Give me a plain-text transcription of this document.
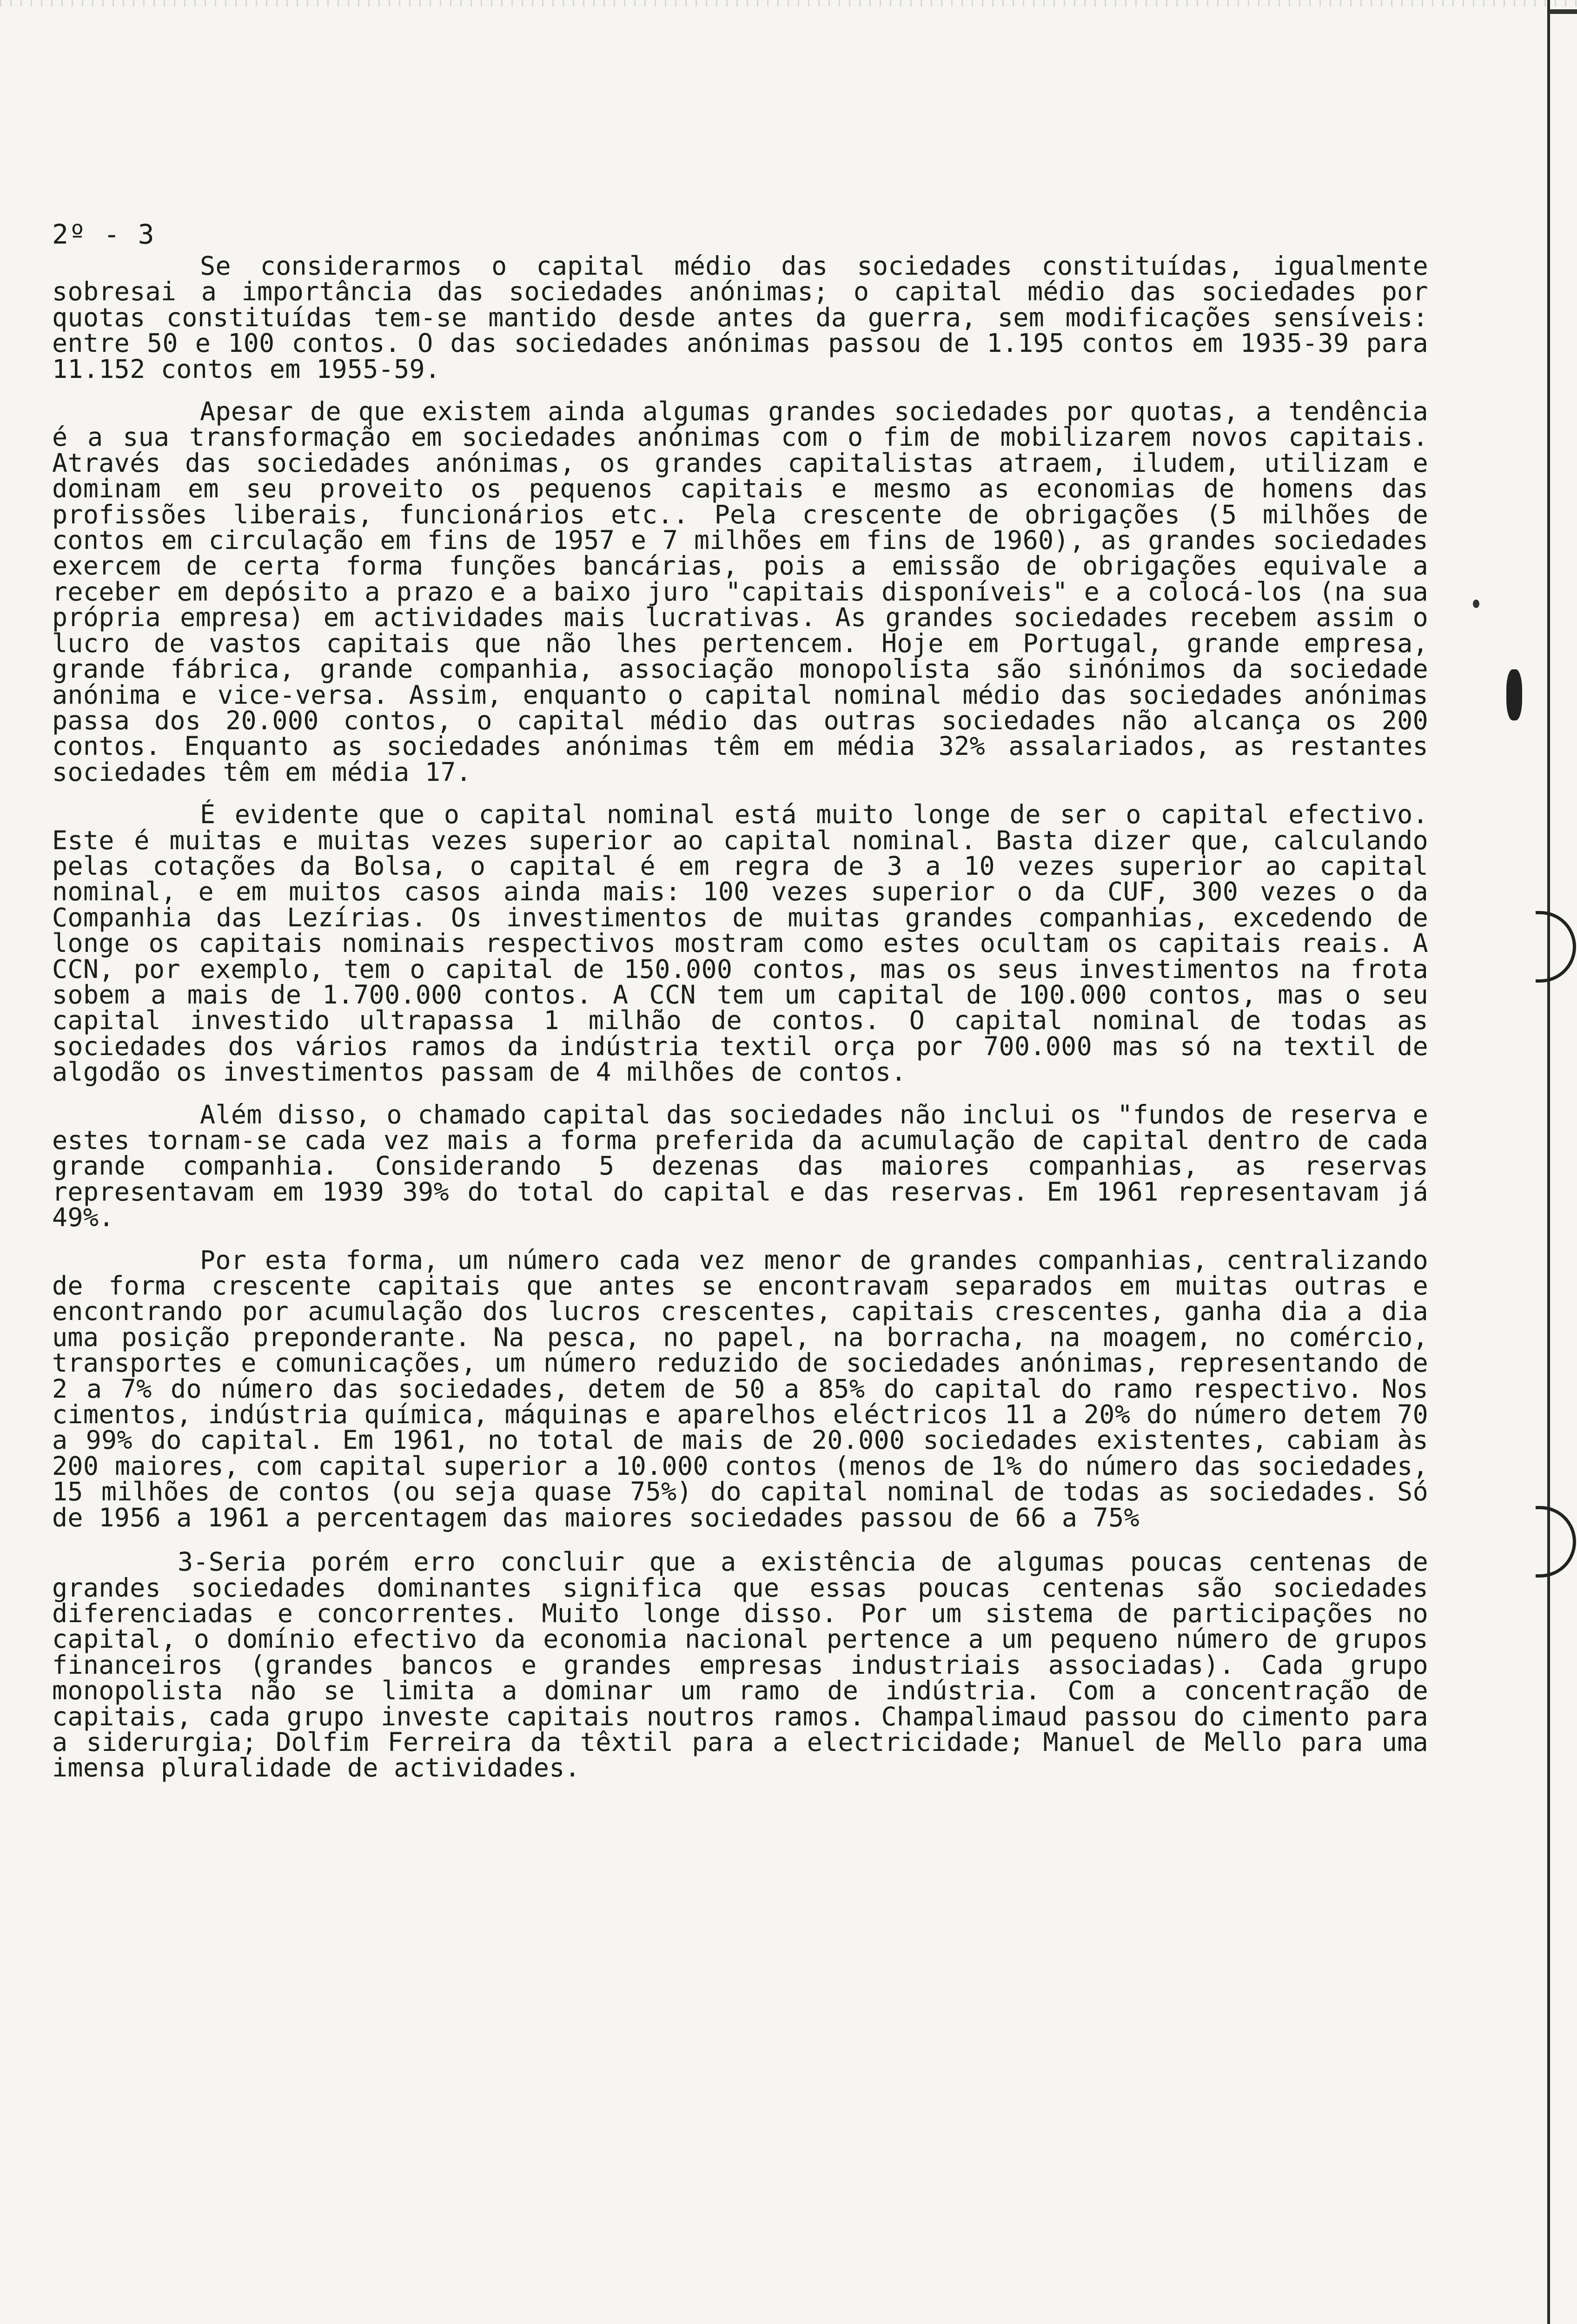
2º - 3

Se considerarmos o capital médio das sociedades constituídas, igualmente sobresai a importância das sociedades anónimas; o capital médio das sociedades por quotas constituídas tem-se mantido desde antes da guerra, sem modificações sensíveis: entre 50 e 100 contos. O das sociedades anónimas passou de 1.195 contos em 1935-39 para 11.152 contos em 1955-59.

Apesar de que existem ainda algumas grandes sociedades por quotas, a tendência é a sua transformação em sociedades anónimas com o fim de mobilizarem novos capitais. Através das sociedades anónimas, os grandes capitalistas atraem, iludem, utilizam e dominam em seu proveito os pequenos capitais e mesmo as economias de homens das profissões liberais, funcionários etc.. Pela crescente de obrigações (5 milhões de contos em circulação em fins de 1957 e 7 milhões em fins de 1960), as grandes sociedades exercem de certa forma funções bancárias, pois a emissão de obrigações equivale a receber em depósito a prazo e a baixo juro "capitais disponíveis" e a colocá-los (na sua própria empresa) em actividades mais lucrativas. As grandes sociedades recebem assim o lucro de vastos capitais que não lhes pertencem. Hoje em Portugal, grande empresa, grande fábrica, grande companhia, associação monopolista são sinónimos da sociedade anónima e vice-versa. Assim, enquanto o capital nominal médio das sociedades anónimas passa dos 20.000 contos, o capital médio das outras sociedades não alcança os 200 contos. Enquanto as sociedades anónimas têm em média 32% assalariados, as restantes sociedades têm em média 17.

É evidente que o capital nominal está muito longe de ser o capital efectivo. Este é muitas e muitas vezes superior ao capital nominal. Basta dizer que, calculando pelas cotações da Bolsa, o capital é em regra de 3 a 10 vezes superior ao capital nominal, e em muitos casos ainda mais: 100 vezes superior o da CUF, 300 vezes o da Companhia das Lezírias. Os investimentos de muitas grandes companhias, excedendo de longe os capitais nominais respectivos mostram como estes ocultam os capitais reais. A CCN, por exemplo, tem o capital de 150.000 contos, mas os seus investimentos na frota sobem a mais de 1.700.000 contos. A CCN tem um capital de 100.000 contos, mas o seu capital investido ultrapassa 1 milhão de contos. O capital nominal de todas as sociedades dos vários ramos da indústria textil orça por 700.000 mas só na textil de algodão os investimentos passam de 4 milhões de contos.

Além disso, o chamado capital das sociedades não inclui os "fundos de reserva e estes tornam-se cada vez mais a forma preferida da acumulação de capital dentro de cada grande companhia. Considerando 5 dezenas das maiores companhias, as reservas representavam em 1939 39% do total do capital e das reservas. Em 1961 representavam já 49%.

Por esta forma, um número cada vez menor de grandes companhias, centralizando de forma crescente capitais que antes se encontravam separados em muitas outras e encontrando por acumulação dos lucros crescentes, capitais crescentes, ganha dia a dia uma posição preponderante. Na pesca, no papel, na borracha, na moagem, no comércio, transportes e comunicações, um número reduzido de sociedades anónimas, representando de 2 a 7% do número das sociedades, detem de 50 a 85% do capital do ramo respectivo. Nos cimentos, indústria química, máquinas e aparelhos eléctricos 11 a 20% do número detem 70 a 99% do capital. Em 1961, no total de mais de 20.000 sociedades existentes, cabiam às 200 maiores, com capital superior a 10.000 contos (menos de 1% do número das sociedades, 15 milhões de contos (ou seja quase 75%) do capital nominal de todas as sociedades. Só de 1956 a 1961 a percentagem das maiores sociedades passou de 66 a 75%

3-Seria porém erro concluir que a existência de algumas poucas centenas de grandes sociedades dominantes significa que essas poucas centenas são sociedades diferenciadas e concorrentes. Muito longe disso. Por um sistema de participações no capital, o domínio efectivo da economia nacional pertence a um pequeno número de grupos financeiros (grandes bancos e grandes empresas industriais associadas). Cada grupo monopolista não se limita a dominar um ramo de indústria. Com a concentração de capitais, cada grupo investe capitais noutros ramos. Champalimaud passou do cimento para a siderurgia; Dolfim Ferreira da têxtil para a electricidade; Manuel de Mello para uma imensa pluralidade de actividades.
